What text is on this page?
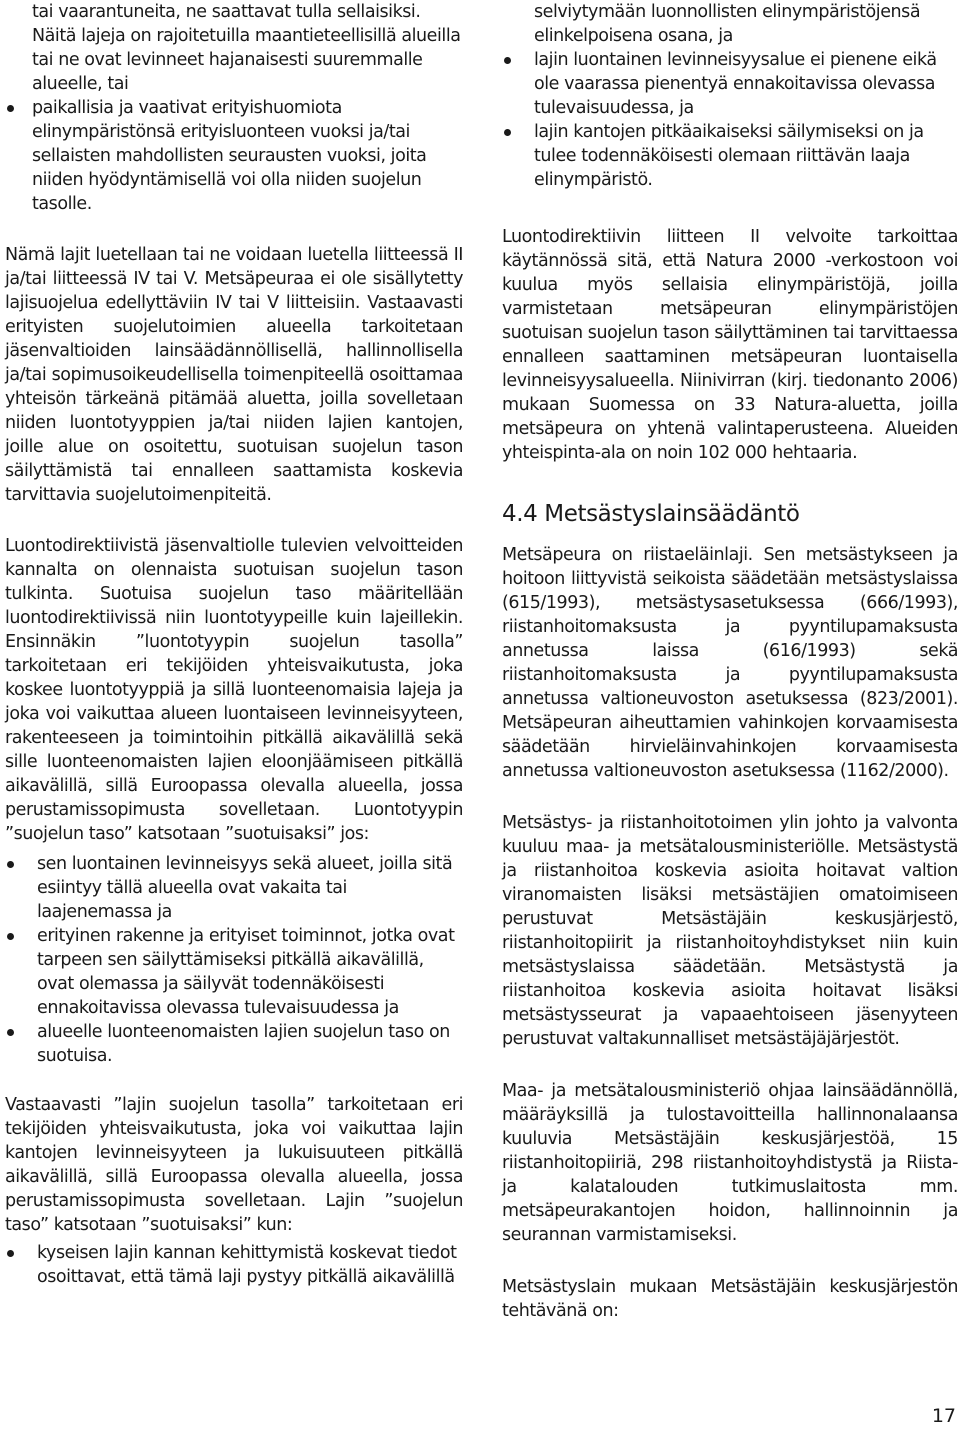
tai vaarantuneita, ne saattavat tulla sellaisiksi.
Näitä lajeja on rajoitetuilla maantieteellisillä alueilla tai ne ovat levinneet hajanaisesti suuremmalle alueelle, tai
paikallisia ja vaativat erityishuomiota elinympäristönsä erityisluonteen vuoksi ja/tai sellaisten mahdollisten seurausten vuoksi, joita niiden hyödyntämisellä voi olla niiden suojelun tasolle.

Nämä lajit luetellaan tai ne voidaan luetella liitteessä II ja/tai liitteessä IV tai V. Metsäpeuraa ei ole sisällytetty lajisuojelua edellyttäviin IV tai V liitteisiin. Vastaavasti erityisten suojelutoimien alueella tarkoitetaan jäsenvaltioiden lainsäädännöllisellä, hallinnollisella ja/tai sopimusoikeudellisella toimenpiteellä osoittamaa yhteisön tärkeänä pitämää aluetta, joilla sovelletaan niiden luontotyyppien ja/tai niiden lajien kantojen, joille alue on osoitettu, suotuisan suojelun tason säilyttämistä tai ennalleen saattamista koskevia tarvittavia suojelutoimenpiteitä.

Luontodirektiivistä jäsenvaltiolle tulevien velvoitteiden kannalta on olennaista suotuisan suojelun tason tulkinta. Suotuisa suojelun taso määritellään luontodirektiivissä niin luontotyypeille kuin lajeillekin. Ensinnäkin ”luontotyypin suojelun tasolla” tarkoitetaan eri tekijöiden yhteisvaikutusta, joka koskee luontotyyppiä ja sillä luonteenomaisia lajeja ja joka voi vaikuttaa alueen luontaiseen levinneisyyteen, rakenteeseen ja toimintoihin pitkällä aikavälillä sekä sille luonteenomaisten lajien eloonjäämiseen pitkällä aikavälillä, sillä Euroopassa olevalla alueella, jossa perustamissopimusta sovelletaan. Luontotyypin ”suojelun taso” katsotaan ”suotuisaksi” jos:

sen luontainen levinneisyys sekä alueet, joilla sitä esiintyy tällä alueella ovat vakaita tai laajenemassa ja
erityinen rakenne ja erityiset toiminnot, jotka ovat tarpeen sen säilyttämiseksi pitkällä aikavälillä, ovat olemassa ja säilyvät todennäköisesti ennakoitavissa olevassa tulevaisuudessa ja
alueelle luonteenomaisten lajien suojelun taso on suotuisa.

Vastaavasti ”lajin suojelun tasolla” tarkoitetaan eri tekijöiden yhteisvaikutusta, joka voi vaikuttaa lajin kantojen levinneisyyteen ja lukuisuuteen pitkällä aikavälillä, sillä Euroopassa olevalla alueella, jossa perustamissopimusta sovelletaan. Lajin ”suojelun taso” katsotaan ”suotuisaksi” kun:

kyseisen lajin kannan kehittymistä koskevat tiedot osoittavat, että tämä laji pystyy pitkällä aikavälillä
selviytymään luonnollisten elinympäristöjensä elinkelpoisena osana, ja
lajin luontainen levinneisyysalue ei pienene eikä ole vaarassa pienentyä ennakoitavissa olevassa tulevaisuudessa, ja
lajin kantojen pitkäaikaiseksi säilymiseksi on ja tulee todennäköisesti olemaan riittävän laaja elinympäristö.

Luontodirektiivin liitteen II velvoite tarkoittaa käytännössä sitä, että Natura 2000 -verkostoon voi kuulua myös sellaisia elinympäristöjä, joilla varmistetaan metsäpeuran elinympäristöjen suotuisan suojelun tason säilyttäminen tai tarvittaessa ennalleen saattaminen metsäpeuran luontaisella levinneisyysalueella. Niinivirran (kirj. tiedonanto 2006) mukaan Suomessa on 33 Natura-aluetta, joilla metsäpeura on yhtenä valintaperusteena. Alueiden yhteispinta-ala on noin 102 000 hehtaaria.

4.4 Metsästyslainsäädäntö

Metsäpeura on riistaeläinlaji. Sen metsästykseen ja hoitoon liittyvistä seikoista säädetään metsästyslaissa (615/1993), metsästysasetuksessa (666/1993), riistanhoitomaksusta ja pyyntilupamaksusta annetussa laissa (616/1993) sekä riistanhoitomaksusta ja pyyntilupamaksusta annetussa valtioneuvoston asetuksessa (823/2001). Metsäpeuran aiheuttamien vahinkojen korvaamisesta säädetään hirvieläinvahinkojen korvaamisesta annetussa valtioneuvoston asetuksessa (1162/2000).

Metsästys- ja riistanhoitotoimen ylin johto ja valvonta kuuluu maa- ja metsätalousministeriölle. Metsästystä ja riistanhoitoa koskevia asioita hoitavat valtion viranomaisten lisäksi metsästäjien omatoimiseen perustuvat Metsästäjäin keskusjärjestö, riistanhoitopiirit ja riistanhoitoyhdistykset niin kuin metsästyslaissa säädetään. Metsästystä ja riistanhoitoa koskevia asioita hoitavat lisäksi metsästysseurat ja vapaaehtoiseen jäsenyyteen perustuvat valtakunnalliset metsästäjäjärjestöt.

Maa- ja metsätalousministeriö ohjaa lainsäädännöllä, määräyksillä ja tulostavoitteilla hallinnonalaansa kuuluvia Metsästäjäin keskusjärjestöä, 15 riistanhoitopiiriä, 298 riistanhoitoyhdistystä ja Riista- ja kalatalouden tutkimuslaitosta mm. metsäpeurakantojen hoidon, hallinnoinnin ja seurannan varmistamiseksi.

Metsästyslain mukaan Metsästäjäin keskusjärjestön tehtävänä on:

17
